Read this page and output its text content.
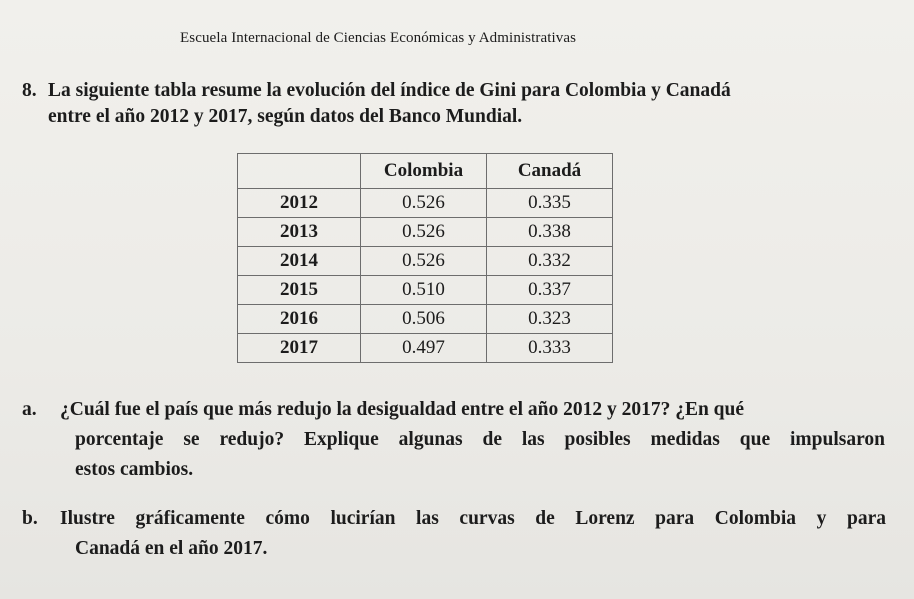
Escuela Internacional de Ciencias Económicas y Administrativas
8. La siguiente tabla resume la evolución del índice de Gini para Colombia y Canadá
entre el año 2012 y 2017, según datos del Banco Mundial.
	Colombia	Canadá
2012	0.526	0.335
2013	0.526	0.338
2014	0.526	0.332
2015	0.510	0.337
2016	0.506	0.323
2017	0.497	0.333
a. ¿Cuál fue el país que más redujo la desigualdad entre el año 2012 y 2017? ¿En qué
porcentaje se redujo? Explique algunas de las posibles medidas que impulsaron
estos cambios.
b. Ilustre gráficamente cómo lucirían las curvas de Lorenz para Colombia y para
Canadá en el año 2017.
